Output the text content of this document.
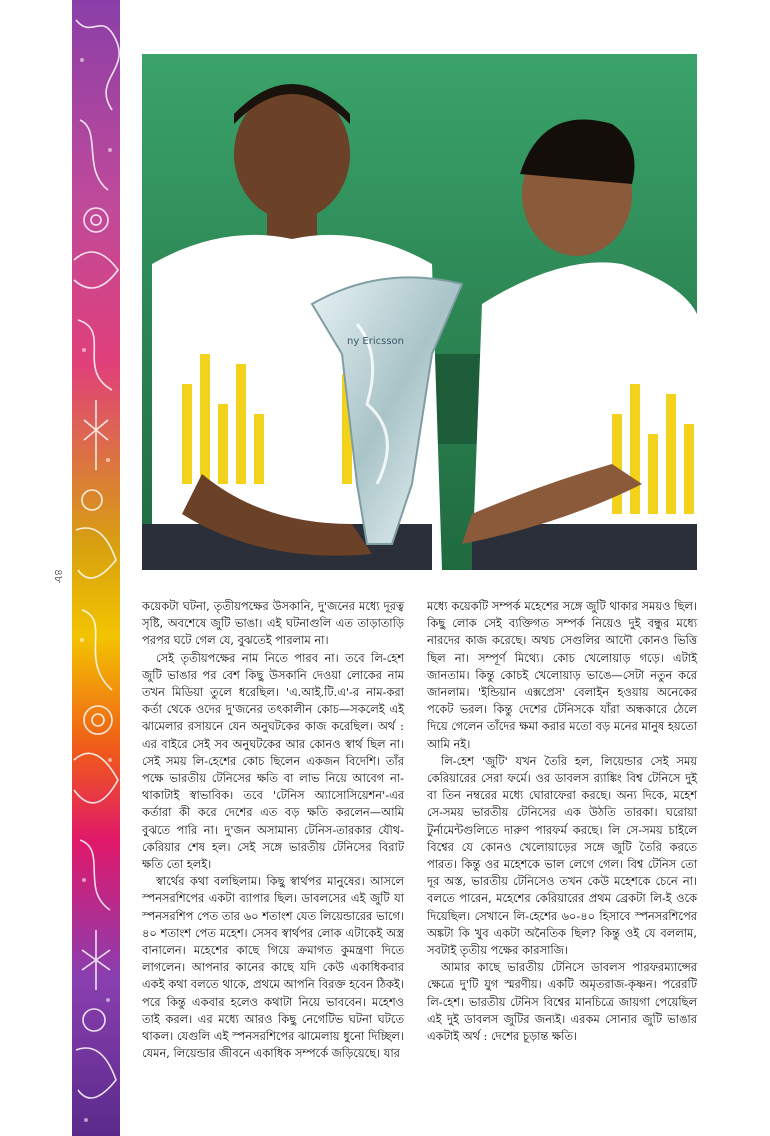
৪৮
ny Ericsson

কয়েকটা ঘটনা, তৃতীয়পক্ষের উসকানি, দু'জনের মধ্যে দূরত্ব সৃষ্টি, অবশেষে জুটি ভাঙা। এই ঘটনাগুলি এত তাড়াতাড়ি পরপর ঘটে গেল যে, বুঝতেই পারলাম না।

সেই তৃতীয়পক্ষের নাম নিতে পারব না। তবে লি-হেশ জুটি ভাঙার পর বেশ কিছু উসকানি দেওয়া লোকের নাম তখন মিডিয়া তুলে ধরেছিল। 'এ.আই.টি.এ'-র নাম-করা কর্তা থেকে ওদের দু'জনের তৎকালীন কোচ—সকলেই এই ঝামেলার রসায়নে যেন অনুঘটকের কাজ করেছিল। অর্থ : এর বাইরে সেই সব অনুঘটকের আর কোনও স্বার্থ ছিল না। সেই সময় লি-হেশের কোচ ছিলেন একজন বিদেশি। তাঁর পক্ষে ভারতীয় টেনিসের ক্ষতি বা লাভ নিয়ে আবেগ না-থাকাটাই স্বাভাবিক। তবে 'টেনিস অ্যাসোসিয়েশন'-এর কর্তারা কী করে দেশের এত বড় ক্ষতি করলেন—আমি বুঝতে পারি না। দু'জন অসামান্য টেনিস-তারকার যৌথ-কেরিয়ার শেষ হল। সেই সঙ্গে ভারতীয় টেনিসের বিরাট ক্ষতি তো হলই।

স্বার্থের কথা বলছিলাম। কিছু স্বার্থপর মানুষের। আসলে স্পনসরশিপের একটা ব্যাপার ছিল। ডাবলসের এই জুটি যা স্পনসরশিপ পেত তার ৬০ শতাংশ যেত লিয়েন্ডারের ভাগে। ৪০ শতাংশ পেত মহেশ। সেসব স্বার্থপর লোক এটাকেই অস্ত্র বানালেন। মহেশের কাছে গিয়ে ক্রমাগত কুমন্ত্রণা দিতে লাগলেন। আপনার কানের কাছে যদি কেউ একাধিকবার একই কথা বলতে থাকে, প্রথমে আপনি বিরক্ত হবেন ঠিকই। পরে কিন্তু একবার হলেও কথাটা নিয়ে ভাববেন। মহেশও তাই করল। এর মধ্যে আরও কিছু নেগেটিভ ঘটনা ঘটতে থাকল। যেগুলি এই স্পনসরশিপের ঝামেলায় ধুনো দিচ্ছিল। যেমন, লিয়েন্ডার জীবনে একাধিক সম্পর্কে জড়িয়েছে। যার

মধ্যে কয়েকটি সম্পর্ক মহেশের সঙ্গে জুটি থাকার সময়ও ছিল। কিছু লোক সেই ব্যক্তিগত সম্পর্ক নিয়েও দুই বন্ধুর মধ্যে নারদের কাজ করেছে। অথচ সেগুলির আদৌ কোনও ভিত্তি ছিল না। সম্পূর্ণ মিথ্যে। কোচ খেলোয়াড় গড়ে। এটাই জানতাম। কিন্তু কোচই খেলোয়াড় ভাঙে—সেটা নতুন করে জানলাম। 'ইন্ডিয়ান এক্সপ্রেস' বেলাইন হওয়ায় অনেকের পকেট ভরল। কিন্তু দেশের টেনিসকে যাঁরা অন্ধকারে ঠেলে দিয়ে গেলেন তাঁদের ক্ষমা করার মতো বড় মনের মানুষ হয়তো আমি নই।

লি-হেশ 'জুটি' যখন তৈরি হল, লিয়েন্ডার সেই সময় কেরিয়ারের সেরা ফর্মে। ওর ডাবলস র‍্যাঙ্কিং বিশ্ব টেনিসে দুই বা তিন নম্বরের মধ্যে ঘোরাফেরা করছে। অন্য দিকে, মহেশ সে-সময় ভারতীয় টেনিসের এক উঠতি তারকা। ঘরোয়া টুর্নামেন্টগুলিতে দারুণ পারফর্ম করছে। লি সে-সময় চাইলে বিশ্বের যে কোনও খেলোয়াড়ের সঙ্গে জুটি তৈরি করতে পারত। কিন্তু ওর মহেশকে ভাল লেগে গেল। বিশ্ব টেনিস তো দূর অস্ত, ভারতীয় টেনিসেও তখন কেউ মহেশকে চেনে না। বলতে পারেন, মহেশের কেরিয়ারের প্রথম ব্রেকটা লি-ই ওকে দিয়েছিল। সেখানে লি-হেশের ৬০-৪০ হিসাবে স্পনসরশিপের অঙ্কটা কি খুব একটা অনৈতিক ছিল? কিন্তু ওই যে বললাম, সবটাই তৃতীয় পক্ষের কারসাজি।

আমার কাছে ভারতীয় টেনিসে ডাবলস পারফরম্যান্সের ক্ষেত্রে দু'টি যুগ স্মরণীয়। একটি অমৃতরাজ-কৃষ্ণন। পরেরটি লি-হেশ। ভারতীয় টেনিস বিশ্বের মানচিত্রে জায়গা পেয়েছিল এই দুই ডাবলস জুটির জন্যই। এরকম সোনার জুটি ভাঙার একটাই অর্থ : দেশের চূড়ান্ত ক্ষতি।
